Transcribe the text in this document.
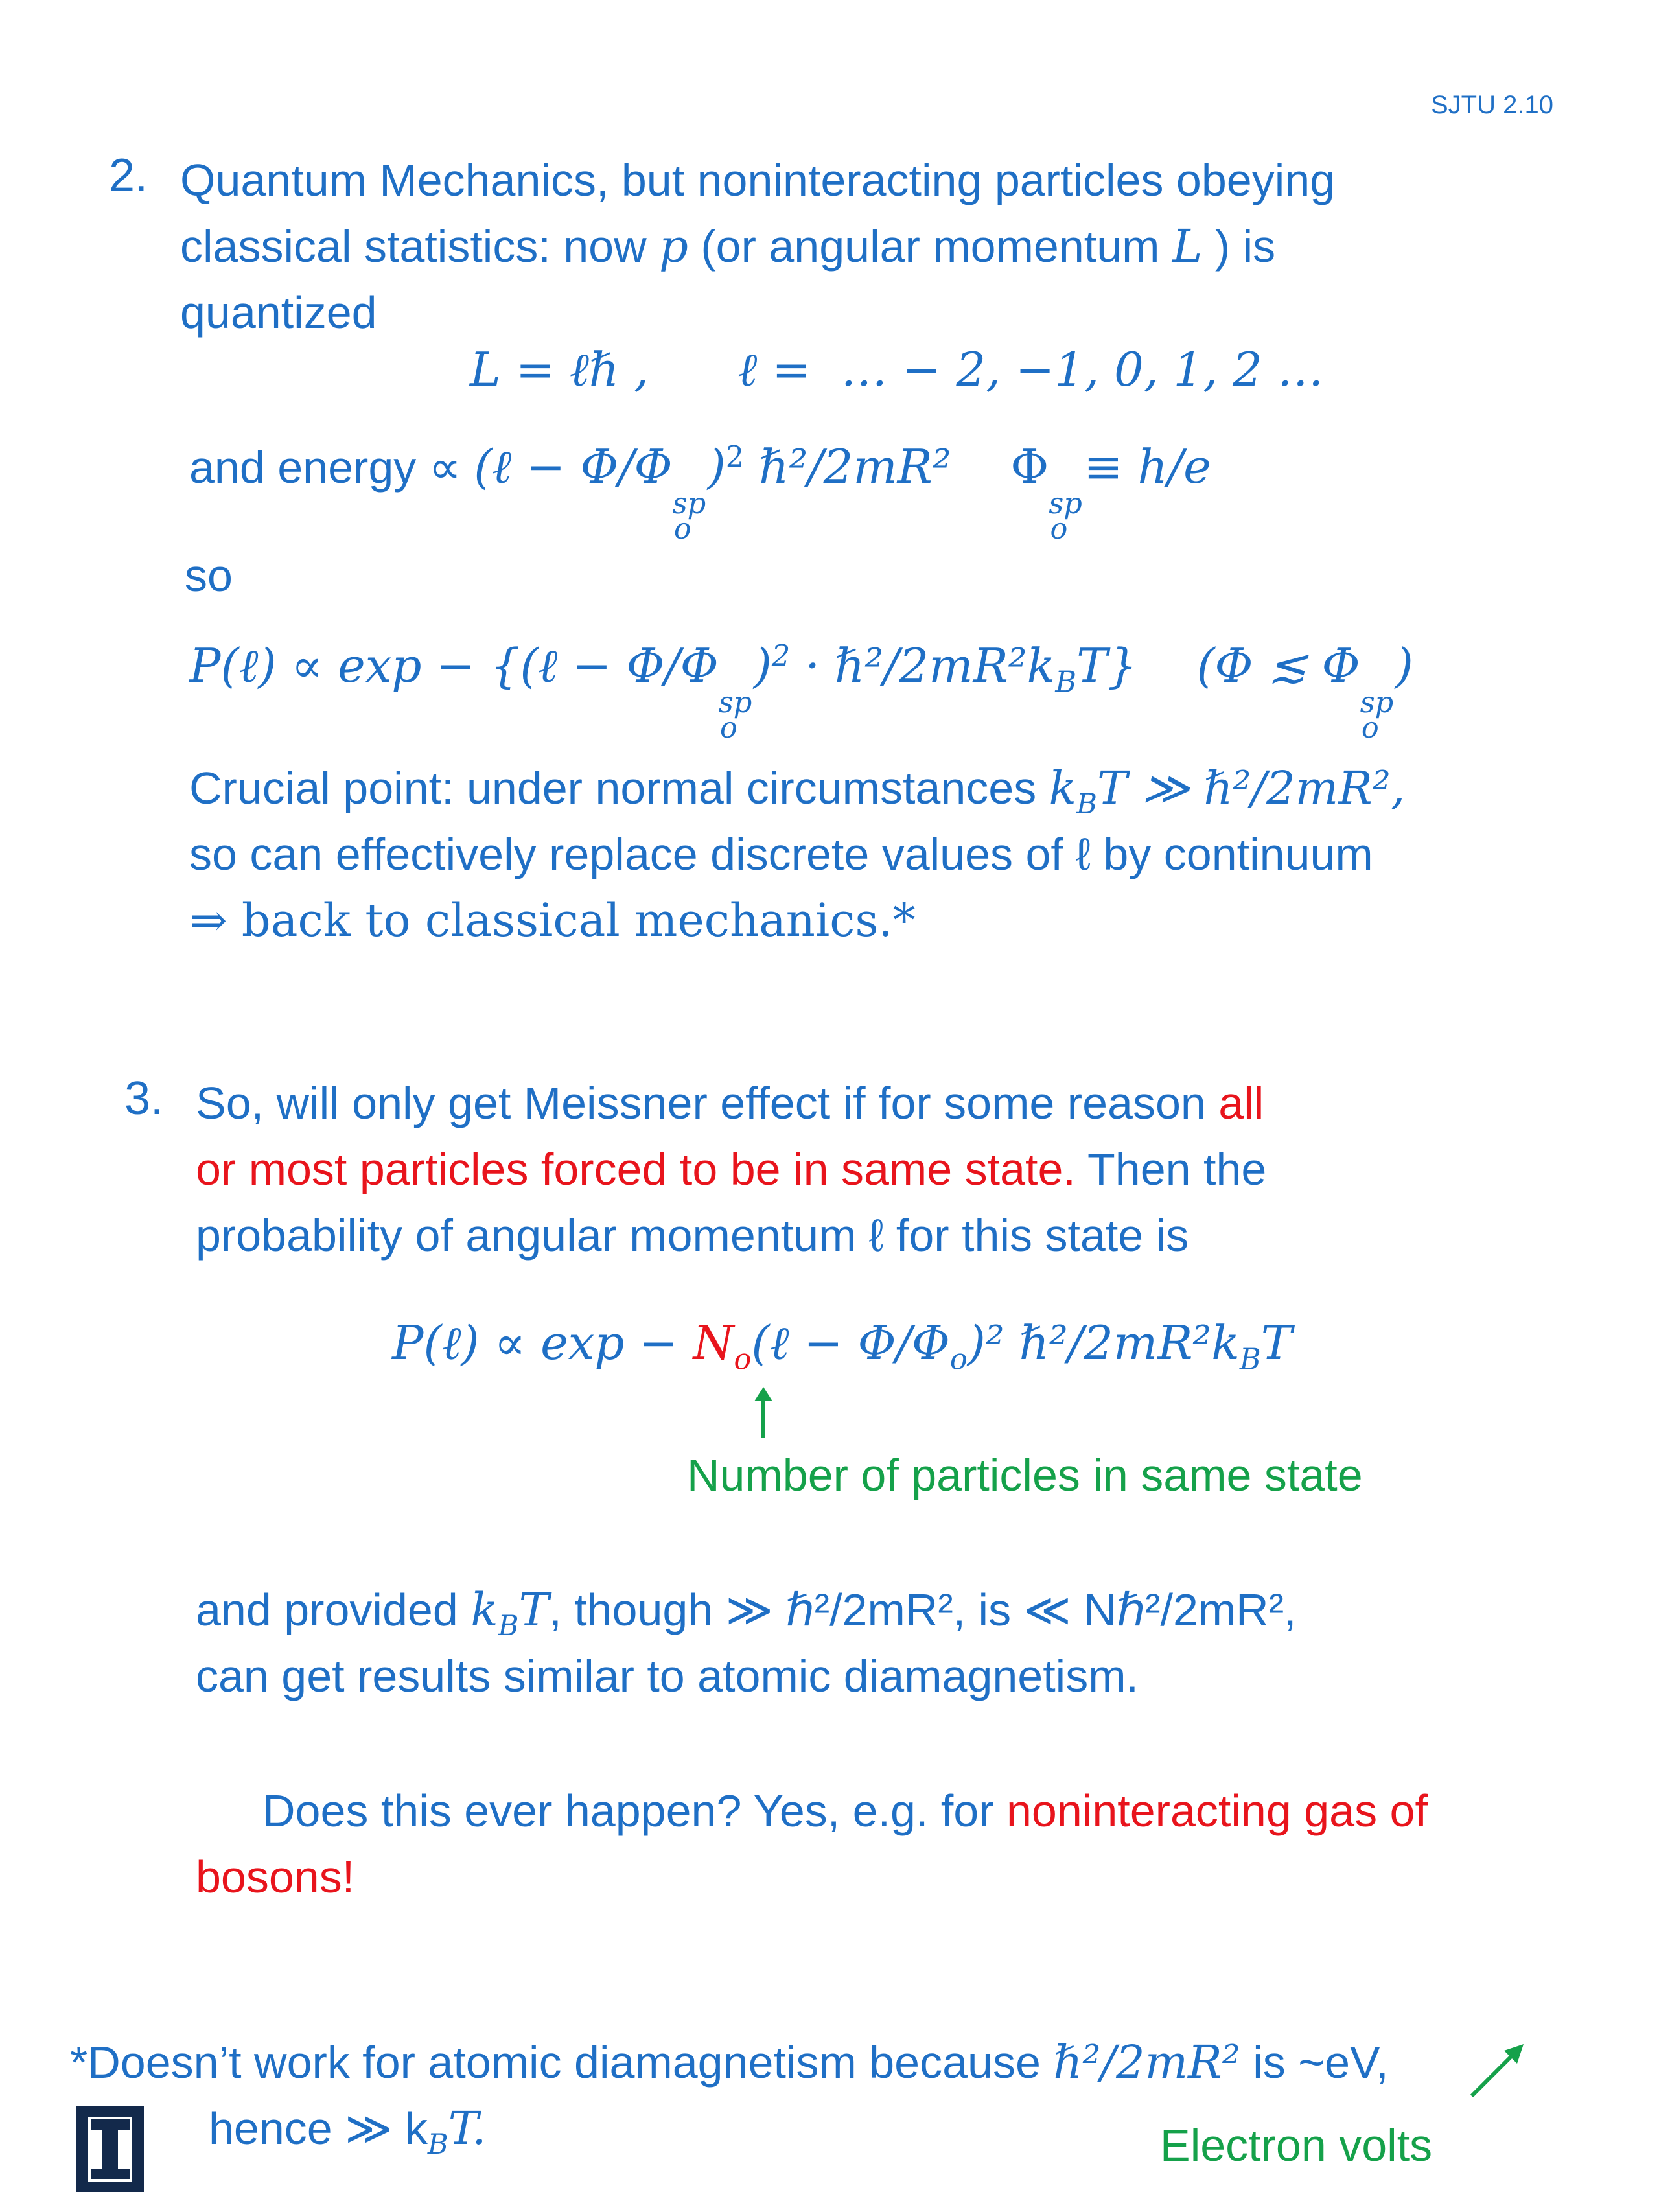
SJTU 2.10
2. Quantum Mechanics, but noninteracting particles obeying
classical statistics: now p (or angular momentum L ) is
quantized
L = ℓℏ ,      ℓ =  … − 2, −1, 0, 1, 2 …
and energy ∝ (ℓ − Φ/Φ
sp
o
)$^2$ ℏ²/2mR²    Φ
sp
o
≡ h/e
so
P(ℓ) ∝ exp − {(ℓ − Φ/Φ
sp
o
)$^2 \cdot \hbar^2/2mR^2k_BT$} (Φ ≲ Φ
sp
o
)
Crucial point: under normal circumstances $k_BT$ ≫ ℏ²/2mR²,
so can effectively replace discrete values of ℓ by continuum
⇒ back to classical mechanics.*
3. So, will only get Meissner effect if for some reason all
or most particles forced to be in same state. Then the
probability of angular momentum ℓ for this state is
P(ℓ) ∝ $\exp - N_o(\ell - \Phi/\Phi_o)^2$ $\hbar^2/2mR^2k_BT$
Number of particles in same state
and provided $k_BT$, though ≫ ℏ²/2mR², is ≪ Nℏ²/2mR²,
can get results similar to atomic diamagnetism.
Does this ever happen? Yes, e.g. for noninteracting gas of
bosons!
*Doesn’t work for atomic diamagnetism because ℏ²/2mR² is ~eV,
hence ≫ $k_BT$.	Electron volts
